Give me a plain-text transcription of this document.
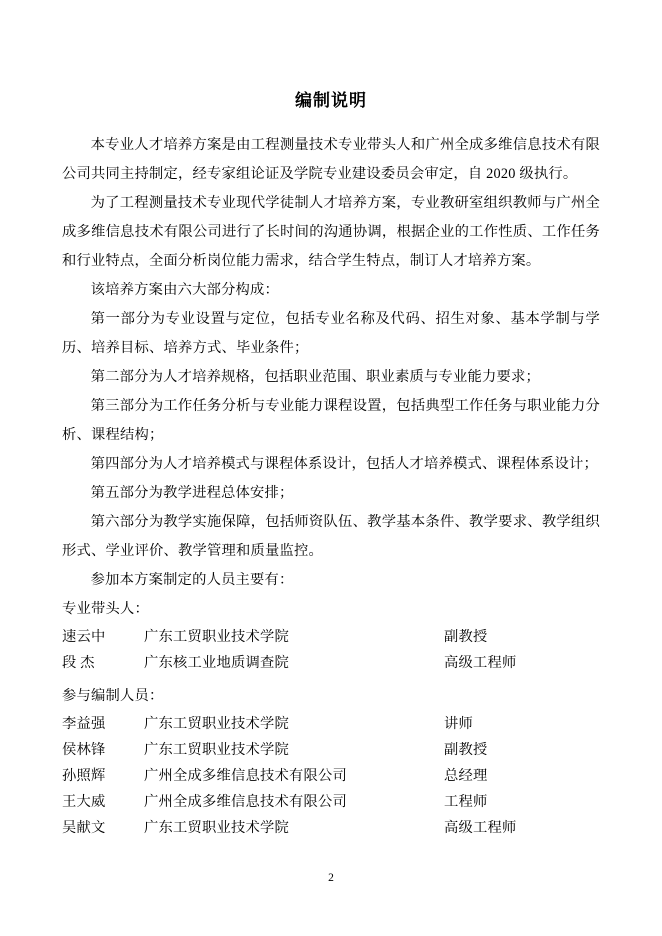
编制说明

本专业人才培养方案是由工程测量技术专业带头人和广州全成多维信息技术有限公司共同主持制定，经专家组论证及学院专业建设委员会审定，自 2020 级执行。

为了工程测量技术专业现代学徒制人才培养方案，专业教研室组织教师与广州全成多维信息技术有限公司进行了长时间的沟通协调，根据企业的工作性质、工作任务和行业特点，全面分析岗位能力需求，结合学生特点，制订人才培养方案。

该培养方案由六大部分构成：

第一部分为专业设置与定位，包括专业名称及代码、招生对象、基本学制与学历、培养目标、培养方式、毕业条件；

第二部分为人才培养规格，包括职业范围、职业素质与专业能力要求；

第三部分为工作任务分析与专业能力课程设置，包括典型工作任务与职业能力分析、课程结构；

第四部分为人才培养模式与课程体系设计，包括人才培养模式、课程体系设计；

第五部分为教学进程总体安排；

第六部分为教学实施保障，包括师资队伍、教学基本条件、教学要求、教学组织形式、学业评价、教学管理和质量监控。

参加本方案制定的人员主要有：

专业带头人：

速云中	广东工贸职业技术学院	副教授
段 杰	广东核工业地质调查院	高级工程师

参与编制人员：

李益强	广东工贸职业技术学院	讲师
侯林锋	广东工贸职业技术学院	副教授
孙照辉	广州全成多维信息技术有限公司	总经理
王大威	广州全成多维信息技术有限公司	工程师
吴献文	广东工贸职业技术学院	高级工程师
2
